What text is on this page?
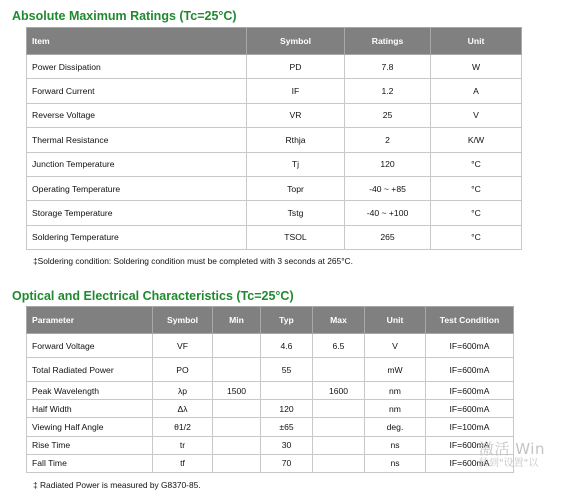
Absolute Maximum Ratings (Tc=25°C)
Item	Symbol	Ratings	Unit
Power Dissipation	PD	7.8	W
Forward Current	IF	1.2	A
Reverse Voltage	VR	25	V
Thermal Resistance	Rthja	2	K/W
Junction Temperature	Tj	120	°C
Operating Temperature	Topr	-40 ~ +85	°C
Storage Temperature	Tstg	-40 ~ +100	°C
Soldering Temperature	TSOL	265	°C
‡Soldering condition: Soldering condition must be completed with 3 seconds at 265°C.
Optical and Electrical Characteristics (Tc=25°C)
Parameter	Symbol	Min	Typ	Max	Unit	Test Condition
Forward Voltage	VF		4.6	6.5	V	IF=600mA
Total Radiated Power	PO		55		mW	IF=600mA
Peak Wavelength	λp	1500		1600	nm	IF=600mA
Half Width	Δλ		120		nm	IF=600mA
Viewing Half Angle	θ1/2		±65		deg.	IF=100mA
Rise Time	tr		30		ns	IF=600mA
Fall Time	tf		70		ns	IF=600mA
‡ Radiated Power is measured by G8370-85.
激活 Win
转到"设置"以
